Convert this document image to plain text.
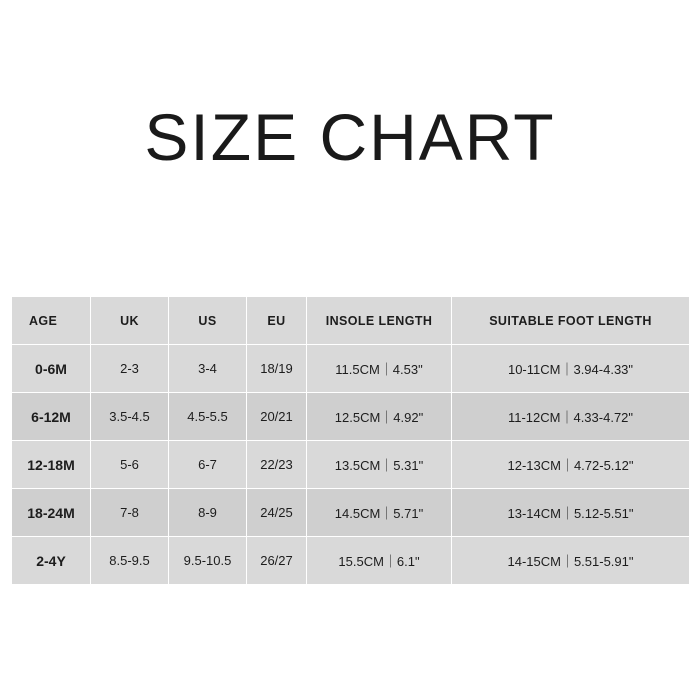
SIZE CHART
AGE	UK	US	EU	INSOLE LENGTH	SUITABLE FOOT LENGTH
0-6M	2-3	3-4	18/19	11.5CM｜4.53"	10-11CM｜3.94-4.33"
6-12M	3.5-4.5	4.5-5.5	20/21	12.5CM｜4.92"	11-12CM｜4.33-4.72"
12-18M	5-6	6-7	22/23	13.5CM｜5.31"	12-13CM｜4.72-5.12"
18-24M	7-8	8-9	24/25	14.5CM｜5.71"	13-14CM｜5.12-5.51"
2-4Y	8.5-9.5	9.5-10.5	26/27	15.5CM｜6.1"	14-15CM｜5.51-5.91"
